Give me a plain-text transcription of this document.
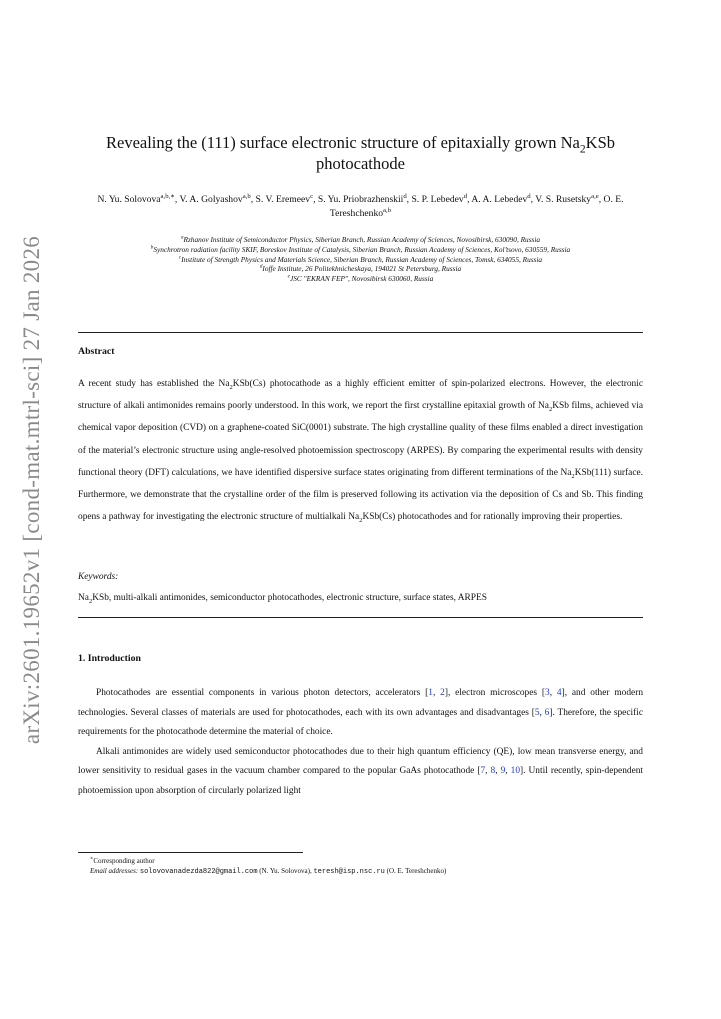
arXiv:2601.19652v1 [cond-mat.mtrl-sci] 27 Jan 2026
Revealing the (111) surface electronic structure of epitaxially grown $Na_2KSb$ photocathode
N. Yu. Solovova$^{a,b,∗}$, V. A. Golyashov$^{a,b}$, S. V. Eremeev$^c$, S. Yu. Priobrazhenskii$^d$, S. P. Lebedev$^d$, A. A. Lebedev$^d$, V. S. Rusetsky$^{a,e}$, O. E. Tereshchenko$^{a,b}$
$^a$Rzhanov Institute of Semiconductor Physics, Siberian Branch, Russian Academy of Sciences, Novosibirsk, 630090, Russia
$^b$Synchrotron radiation facility SKIF, Boreskov Institute of Catalysis, Siberian Branch, Russian Academy of Sciences, Kol’tsovo, 630559, Russia
$^c$Institute of Strength Physics and Materials Science, Siberian Branch, Russian Academy of Sciences, Tomsk, 634055, Russia
$^d$Ioffe Institute, 26 Politekhnicheskaya, 194021 St Petersburg, Russia
$^e$JSC "EKRAN FEP", Novosibirsk 630060, Russia
Abstract
A recent study has established the $Na_2KSb(Cs)$ photocathode as a highly efficient emitter of spin-polarized electrons. However, the electronic structure of alkali antimonides remains poorly understood. In this work, we report the first crystalline epitaxial growth of $Na_2KSb$ films, achieved via chemical vapor deposition (CVD) on a graphene-coated SiC(0001) substrate. The high crystalline quality of these films enabled a direct investigation of the material’s electronic structure using angle-resolved photoemission spectroscopy (ARPES). By comparing the experimental results with density functional theory (DFT) calculations, we have identified dispersive surface states originating from different terminations of the $Na_2KSb(111)$ surface. Furthermore, we demonstrate that the crystalline order of the film is preserved following its activation via the deposition of Cs and Sb. This finding opens a pathway for investigating the electronic structure of multialkali $Na_2KSb(Cs)$ photocathodes and for rationally improving their properties.
Keywords:
$Na_2KSb$, multi-alkali antimonides, semiconductor photocathodes, electronic structure, surface states, ARPES
1. Introduction

Photocathodes are essential components in various photon detectors, accelerators [1, 2], electron microscopes [3, 4], and other modern technologies. Several classes of materials are used for photocathodes, each with its own advantages and disadvantages [5, 6]. Therefore, the specific requirements for the photocathode determine the material of choice.

Alkali antimonides are widely used semiconductor photocathodes due to their high quantum efficiency (QE), low mean transverse energy, and lower sensitivity to residual gases in the vacuum chamber compared to the popular GaAs photocathode [7, 8, 9, 10]. Until recently, spin-dependent photoemission upon absorption of circularly polarized light

∗Corresponding author
Email addresses: solovovanadezda822@gmail.com (N. Yu. Solovova), teresh@isp.nsc.ru (O. E. Tereshchenko)
